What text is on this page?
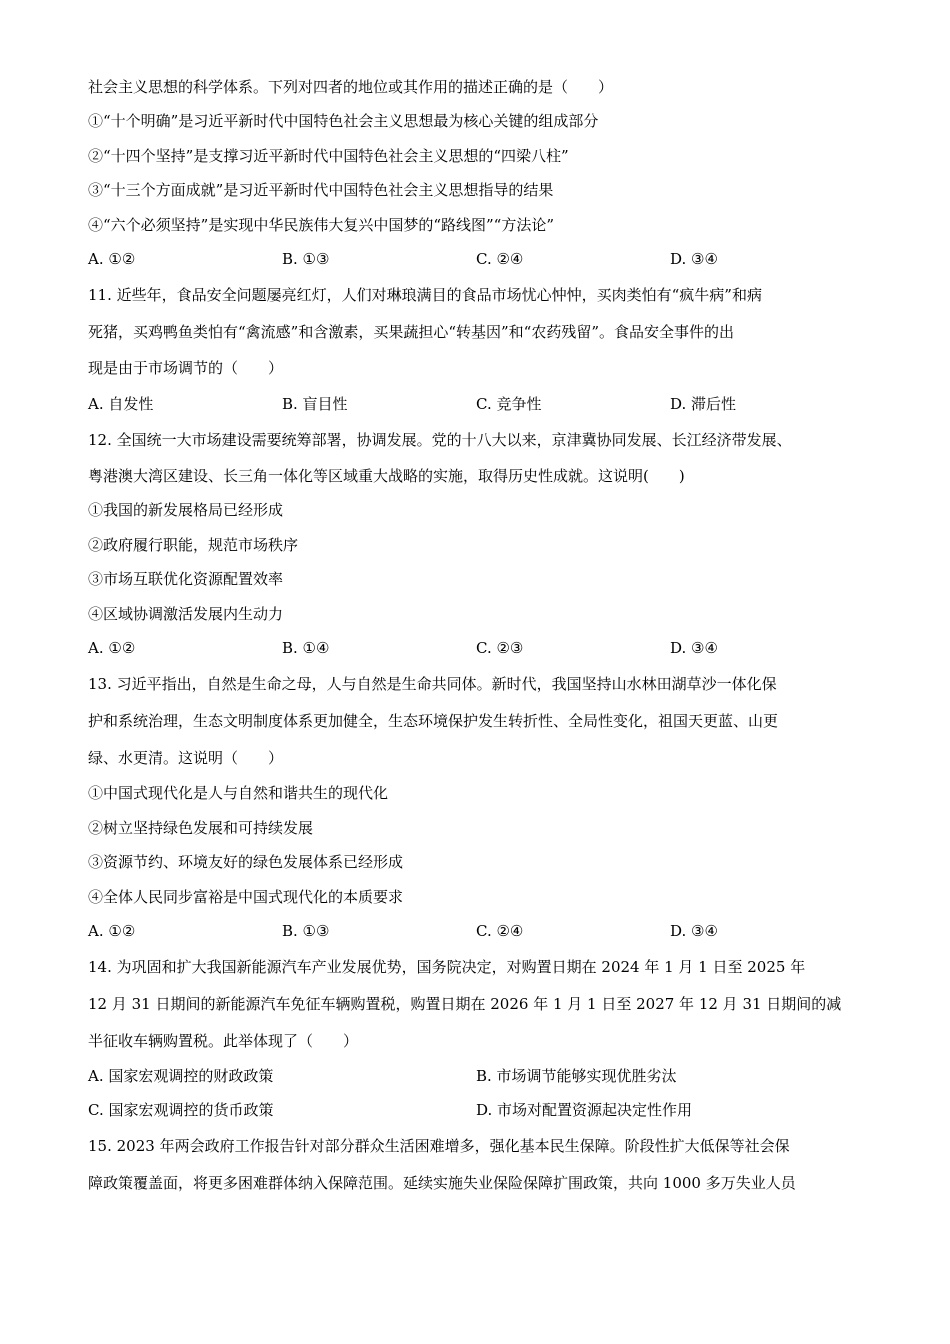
社会主义思想的科学体系。下列对四者的地位或其作用的描述正确的是（　　）
①“十个明确”是习近平新时代中国特色社会主义思想最为核心关键的组成部分
②“十四个坚持”是支撑习近平新时代中国特色社会主义思想的“四梁八柱”
③“十三个方面成就”是习近平新时代中国特色社会主义思想指导的结果
④“六个必须坚持”是实现中华民族伟大复兴中国梦的“路线图”“方法论”
A. ①②	B. ①③	C. ②④	D. ③④
11. 近些年，食品安全问题屡亮红灯，人们对琳琅满目的食品市场忧心忡忡，买肉类怕有“疯牛病”和病
死猪，买鸡鸭鱼类怕有“禽流感”和含激素，买果蔬担心“转基因”和“农药残留”。食品安全事件的出
现是由于市场调节的（　　）
A. 自发性	B. 盲目性	C. 竞争性	D. 滞后性
12. 全国统一大市场建设需要统筹部署，协调发展。党的十八大以来，京津冀协同发展、长江经济带发展、
粤港澳大湾区建设、长三角一体化等区域重大战略的实施，取得历史性成就。这说明(　　)
①我国的新发展格局已经形成
②政府履行职能，规范市场秩序
③市场互联优化资源配置效率
④区域协调激活发展内生动力
A. ①②	B. ①④	C. ②③	D. ③④
13. 习近平指出，自然是生命之母，人与自然是生命共同体。新时代，我国坚持山水林田湖草沙一体化保
护和系统治理，生态文明制度体系更加健全，生态环境保护发生转折性、全局性变化，祖国天更蓝、山更
绿、水更清。这说明（　　）
①中国式现代化是人与自然和谐共生的现代化
②树立坚持绿色发展和可持续发展
③资源节约、环境友好的绿色发展体系已经形成
④全体人民同步富裕是中国式现代化的本质要求
A. ①②	B. ①③	C. ②④	D. ③④
14. 为巩固和扩大我国新能源汽车产业发展优势，国务院决定，对购置日期在 2024 年 1 月 1 日至 2025 年
12 月 31 日期间的新能源汽车免征车辆购置税，购置日期在 2026 年 1 月 1 日至 2027 年 12 月 31 日期间的减
半征收车辆购置税。此举体现了（　　）
A. 国家宏观调控的财政政策	B. 市场调节能够实现优胜劣汰
C. 国家宏观调控的货币政策	D. 市场对配置资源起决定性作用
15. 2023 年两会政府工作报告针对部分群众生活困难增多，强化基本民生保障。阶段性扩大低保等社会保
障政策覆盖面，将更多困难群体纳入保障范围。延续实施失业保险保障扩围政策，共向 1000 多万失业人员
